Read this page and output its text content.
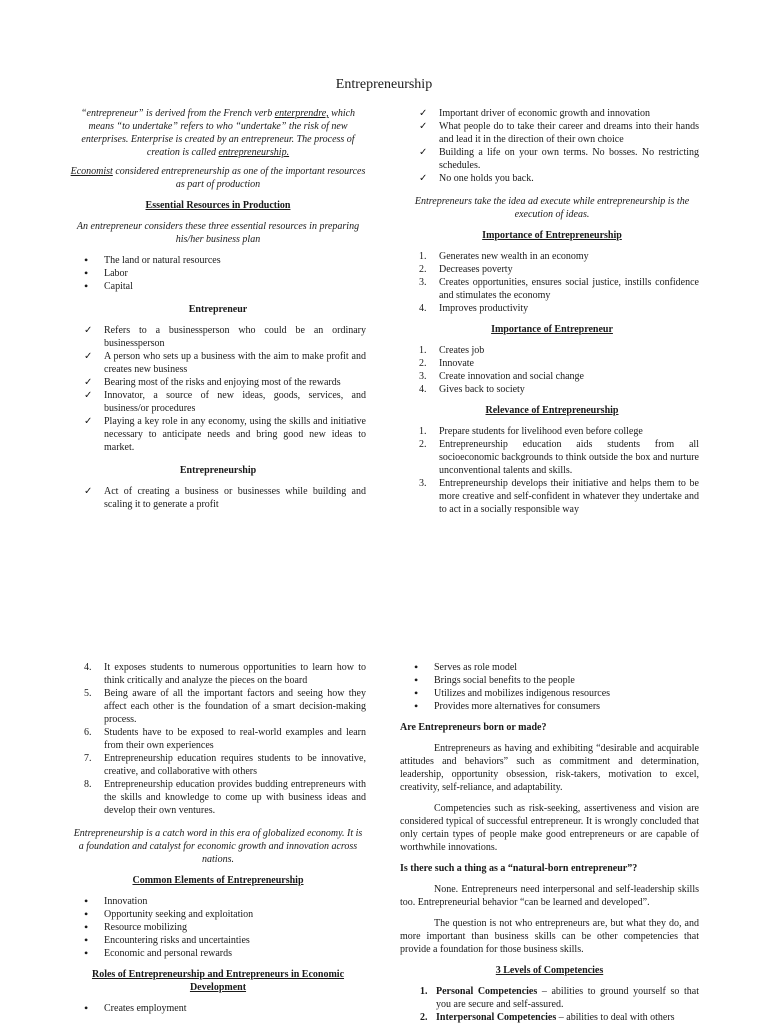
Entrepreneurship

“entrepreneur” is derived from the French verb enterprendre, which means “to undertake” refers to who “undertake” the risk of new enterprises. Enterprise is created by an entrepreneur. The process of creation is called entrepreneurship.

Economist considered entrepreneurship as one of the important resources as part of production

Essential Resources in Production

An entrepreneur considers these three essential resources in preparing his/her business plan

•	The land or natural resources
•	Labor
•	Capital
Entrepreneur
✓	Refers to a businessperson who could be an ordinary businessperson
✓	A person who sets up a business with the aim to make profit and creates new business
✓	Bearing most of the risks and enjoying most of the rewards
✓	Innovator, a source of new ideas, goods, services, and business/or procedures
✓	Playing a key role in any economy, using the skills and initiative necessary to anticipate needs and bring good new ideas to market.
Entrepreneurship
✓	Act of creating a business or businesses while building and scaling it to generate a profit
✓	Important driver of economic growth and innovation
✓	What people do to take their career and dreams into their hands and lead it in the direction of their own choice
✓	Building a life on your own terms. No bosses. No restricting schedules.
✓	No one holds you back.

Entrepreneurs take the idea ad execute while entrepreneurship is the execution of ideas.

Importance of Entrepreneurship
1.	Generates new wealth in an economy
2.	Decreases poverty
3.	Creates opportunities, ensures social justice, instills confidence and stimulates the economy
4.	Improves productivity
Importance of Entrepreneur
1.	Creates job
2.	Innovate
3.	Create innovation and social change
4.	Gives back to society
Relevance of Entrepreneurship
1.	Prepare students for livelihood even before college
2.	Entrepreneurship education aids students from all socioeconomic backgrounds to think outside the box and nurture unconventional talents and skills.
3.	Entrepreneurship develops their initiative and helps them to be more creative and self-confident in whatever they undertake and to act in a socially responsible way
4.	It exposes students to numerous opportunities to learn how to think critically and analyze the pieces on the board
5.	Being aware of all the important factors and seeing how they affect each other is the foundation of a smart decision-making process.
6.	Students have to be exposed to real-world examples and learn from their own experiences
7.	Entrepreneurship education requires students to be innovative, creative, and collaborative with others
8.	Entrepreneurship education provides budding entrepreneurs with the skills and knowledge to come up with business ideas and develop their own ventures.

Entrepreneurship is a catch word in this era of globalized economy. It is a foundation and catalyst for economic growth and innovation across nations.

Common Elements of Entrepreneurship
•	Innovation
•	Opportunity seeking and exploitation
•	Resource mobilizing
•	Encountering risks and uncertainties
•	Economic and personal rewards
Roles of Entrepreneurship and Entrepreneurs in Economic Development
•	Creates employment
•	Serves as role model
•	Brings social benefits to the people
•	Utilizes and mobilizes indigenous resources
•	Provides more alternatives for consumers
Are Entrepreneurs born or made?

Entrepreneurs as having and exhibiting “desirable and acquirable attitudes and behaviors” such as commitment and determination, leadership, opportunity obsession, risk-takers, motivation to excel, creativity, self-reliance, and adaptability.

Competencies such as risk-seeking, assertiveness and vision are considered typical of successful entrepreneur. It is wrongly concluded that only certain types of people make good entrepreneurs or are capable of worthwhile innovations.

Is there such a thing as a “natural-born entrepreneur”?

None. Entrepreneurs need interpersonal and self-leadership skills too. Entrepreneurial behavior “can be learned and developed”.

The question is not who entrepreneurs are, but what they do, and more important than business skills can be other competencies that provide a foundation for those business skills.

3 Levels of Competencies
1. Personal Competencies – abilities to ground yourself so that you are secure and self-assured.
2. Interpersonal Competencies – abilities to deal with others
